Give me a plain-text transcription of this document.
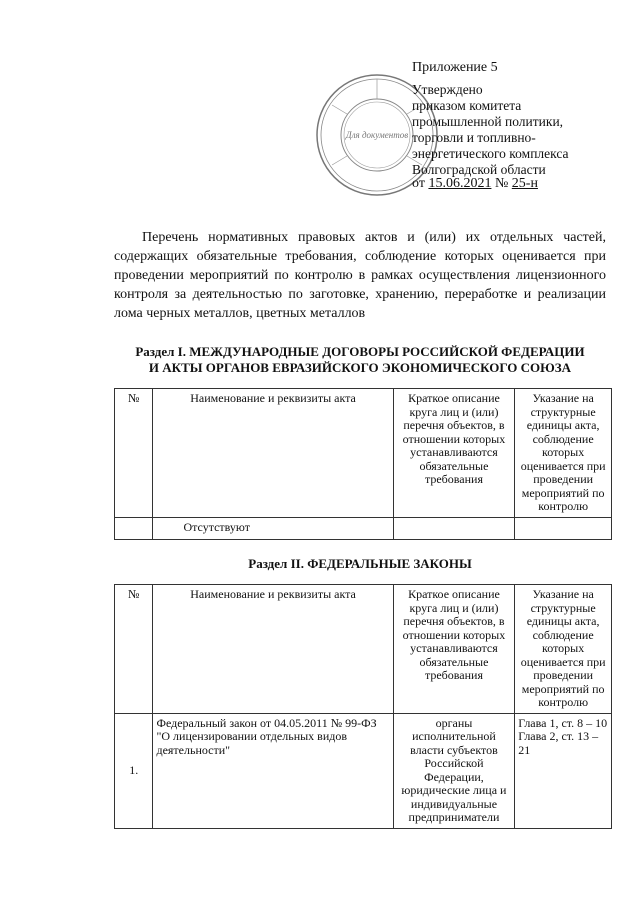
Приложение 5
Для документов
Утверждено
приказом комитета
промышленной политики,
торговли и топливно-
энергетического комплекса
Волгоградской области
от 15.06.2021 № 25-н
Перечень нормативных правовых актов и (или) их отдельных частей, содержащих обязательные требования, соблюдение которых оценивается при проведении мероприятий по контролю в рамках осуществления лицензионного контроля за деятельностью по заготовке, хранению, переработке и реализации лома черных металлов, цветных металлов
Раздел I. МЕЖДУНАРОДНЫЕ ДОГОВОРЫ РОССИЙСКОЙ ФЕДЕРАЦИИ
И АКТЫ ОРГАНОВ ЕВРАЗИЙСКОГО ЭКОНОМИЧЕСКОГО СОЮЗА
№	Наименование и реквизиты акта	Краткое описание круга лиц и (или) перечня объектов, в отношении которых устанавливаются обязательные требования	Указание на структурные единицы акта, соблюдение которых оценивается при проведении мероприятий по контролю
	Отсутствуют		
Раздел II. ФЕДЕРАЛЬНЫЕ ЗАКОНЫ
№	Наименование и реквизиты акта	Краткое описание круга лиц и (или) перечня объектов, в отношении которых устанавливаются обязательные требования	Указание на структурные единицы акта, соблюдение которых оценивается при проведении мероприятий по контролю
1.	Федеральный закон от 04.05.2011 № 99-ФЗ "О лицензировании отдельных видов деятельности"	органы исполнительной власти субъектов Российской Федерации, юридические лица и индивидуальные предприниматели	Глава 1, ст. 8 – 10
Глава 2, ст. 13 – 21
